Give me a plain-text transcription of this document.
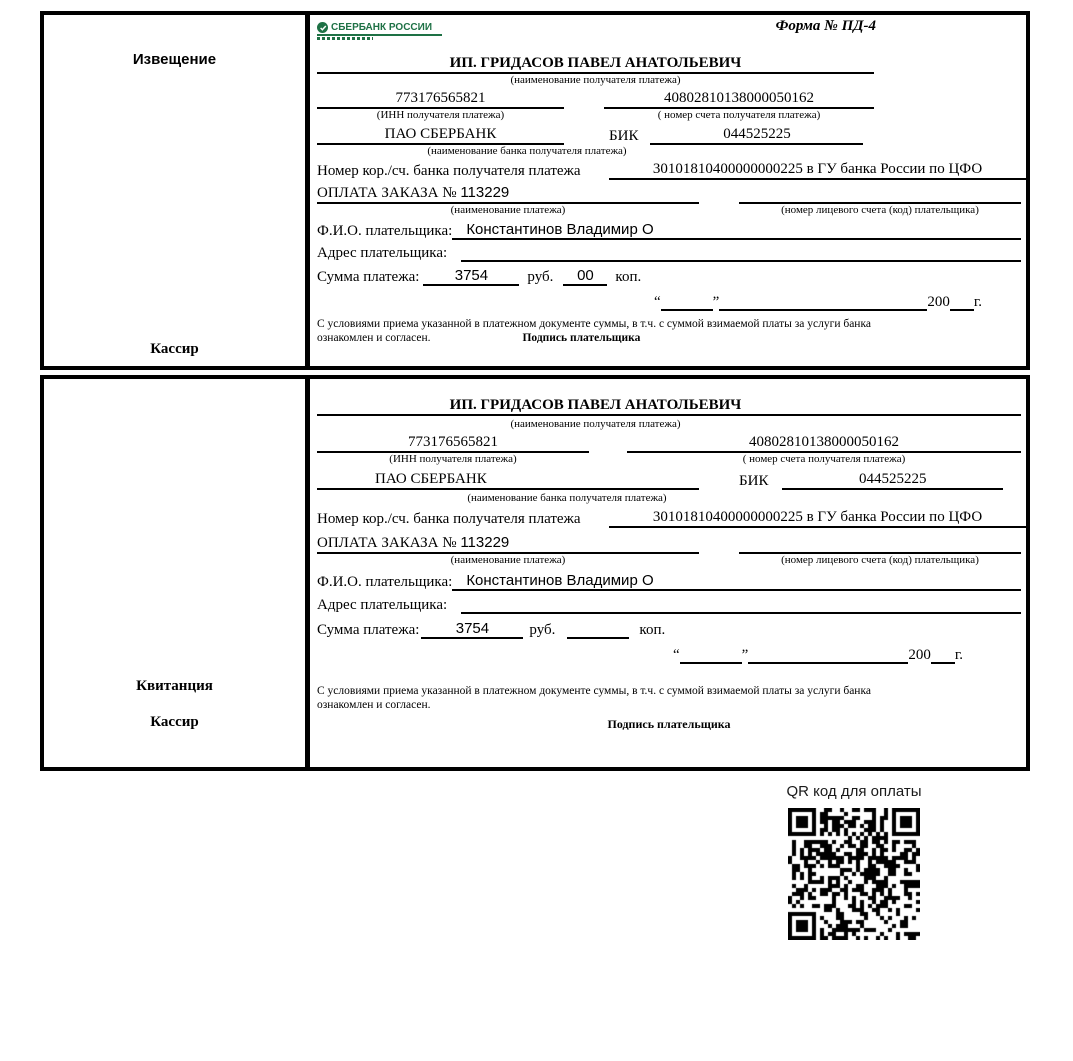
Извещение
Кассир
СБЕРБАНК РОССИИ	Форма № ПД-4
ИП. ГРИДАСОВ ПАВЕЛ АНАТОЛЬЕВИЧ
(наименование получателя платежа)
773176565821	40802810138000050162
(ИНН получателя платежа)	( номер счета получателя платежа)
ПАО СБЕРБАНК	БИК	044525225
(наименование банка получателя платежа)
Номер кор./сч. банка получателя платежа	30101810400000000225 в ГУ банка России по ЦФО
ОПЛАТА ЗАКАЗА № 113229
(наименование платежа)	(номер лицевого счета (код) плательщика)
Ф.И.О. плательщика: Константинов Владимир О
Адрес плательщика:
Сумма платежа:	3754	руб.	00	коп.
“	”	200 г.
С условиями приема указанной в платежном документе суммы, в т.ч. с суммой взимаемой платы за услуги банка
ознакомлен и согласен.	Подпись плательщика
Квитанция
Кассир
ИП. ГРИДАСОВ ПАВЕЛ АНАТОЛЬЕВИЧ
(наименование получателя платежа)
773176565821	40802810138000050162
(ИНН получателя платежа)	( номер счета получателя платежа)
ПАО СБЕРБАНК	БИК	044525225
(наименование банка получателя платежа)
Номер кор./сч. банка получателя платежа	30101810400000000225 в ГУ банка России по ЦФО
ОПЛАТА ЗАКАЗА № 113229
(наименование платежа)	(номер лицевого счета (код) плательщика)
Ф.И.О. плательщика: Константинов Владимир О
Адрес плательщика:
Сумма платежа:	3754	руб.	коп.
“	”	200 г.
С условиями приема указанной в платежном документе суммы, в т.ч. с суммой взимаемой платы за услуги банка
ознакомлен и согласен.
Подпись плательщика
QR код для оплаты
